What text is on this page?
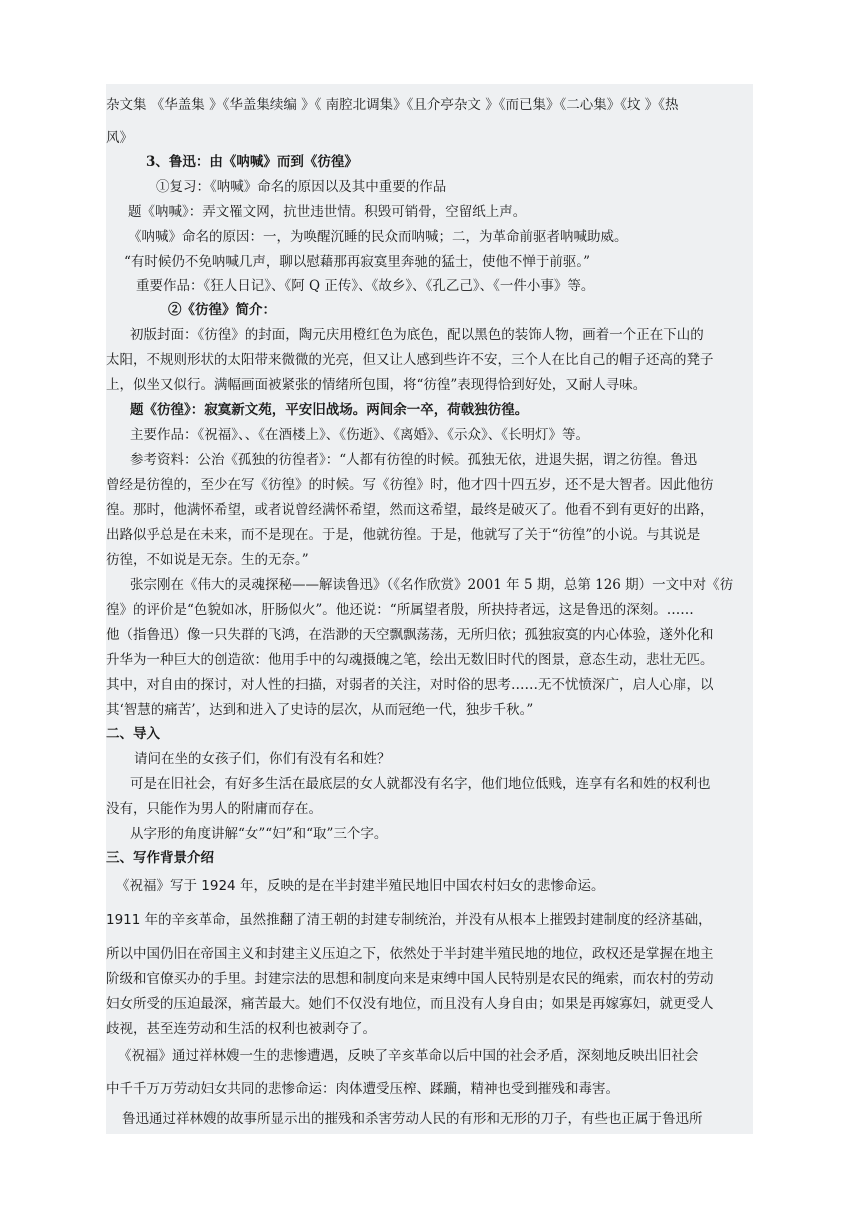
杂文集 《华盖集 》《华盖集续编 》《 南腔北调集》《且介亭杂文 》《而已集》《二心集》《坟 》《热
风》
3、鲁迅：由《呐喊》而到《彷徨》
①复习：《呐喊》命名的原因以及其中重要的作品
题《呐喊》：弄文罹文网，抗世违世情。积毁可销骨，空留纸上声。
《呐喊》命名的原因：一，为唤醒沉睡的民众而呐喊；二，为革命前驱者呐喊助威。
“有时候仍不免呐喊几声，聊以慰藉那再寂寞里奔驰的猛士，使他不惮于前驱。”
重要作品：《狂人日记》、《阿 Q 正传》、《故乡》、《孔乙己》、《一件小事》等。
②《彷徨》简介：
初版封面：《彷徨》的封面，陶元庆用橙红色为底色，配以黑色的装饰人物，画着一个正在下山的
太阳，不规则形状的太阳带来微微的光亮，但又让人感到些许不安，三个人在比自己的帽子还高的凳子
上，似坐又似行。满幅画面被紧张的情绪所包围，将“彷徨”表现得恰到好处，又耐人寻味。
题《彷徨》：寂寞新文苑，平安旧战场。两间余一卒，荷戟独彷徨。
主要作品：《祝福》、、《在酒楼上》、《伤逝》、《离婚》、《示众》、《长明灯》等。
参考资料：公治《孤独的彷徨者》：“人都有彷徨的时候。孤独无依，进退失据，谓之彷徨。鲁迅
曾经是彷徨的，至少在写《彷徨》的时候。写《彷徨》时，他才四十四五岁，还不是大智者。因此他彷
徨。那时，他满怀希望，或者说曾经满怀希望，然而这希望，最终是破灭了。他看不到有更好的出路，
出路似乎总是在未来，而不是现在。于是，他就彷徨。于是，他就写了关于“彷徨”的小说。与其说是
彷徨，不如说是无奈。生的无奈。”
张宗刚在《伟大的灵魂探秘——解读鲁迅》（《名作欣赏》2001 年 5 期，总第 126 期）一文中对《彷
徨》的评价是“色貌如冰，肝肠似火”。他还说：“所属望者殷，所抉持者远，这是鲁迅的深刻。……
他（指鲁迅）像一只失群的飞鸿，在浩渺的天空飘飘荡荡，无所归依；孤独寂寞的内心体验，遂外化和
升华为一种巨大的创造欲：他用手中的勾魂摄魄之笔，绘出无数旧时代的图景，意态生动，悲壮无匹。
其中，对自由的探讨，对人性的扫描，对弱者的关注，对时俗的思考……无不忧愤深广，启人心扉，以
其‘智慧的痛苦’，达到和进入了史诗的层次，从而冠绝一代，独步千秋。”
二、导入
请问在坐的女孩子们，你们有没有名和姓？
可是在旧社会，有好多生活在最底层的女人就都没有名字，他们地位低贱，连享有名和姓的权利也
没有，只能作为男人的附庸而存在。
从字形的角度讲解“女”“妇”和“取”三个字。
三、写作背景介绍
《祝福》写于 1924 年，反映的是在半封建半殖民地旧中国农村妇女的悲惨命运。
1911 年的辛亥革命，虽然推翻了清王朝的封建专制统治，并没有从根本上摧毁封建制度的经济基础，
所以中国仍旧在帝国主义和封建主义压迫之下，依然处于半封建半殖民地的地位，政权还是掌握在地主
阶级和官僚买办的手里。封建宗法的思想和制度向来是束缚中国人民特别是农民的绳索，而农村的劳动
妇女所受的压迫最深，痛苦最大。她们不仅没有地位，而且没有人身自由；如果是再嫁寡妇，就更受人
歧视，甚至连劳动和生活的权利也被剥夺了。
《祝福》通过祥林嫂一生的悲惨遭遇，反映了辛亥革命以后中国的社会矛盾，深刻地反映出旧社会
中千千万万劳动妇女共同的悲惨命运：肉体遭受压榨、蹂躏，精神也受到摧残和毒害。
鲁迅通过祥林嫂的故事所显示出的摧残和杀害劳动人民的有形和无形的刀子，有些也正属于鲁迅所
